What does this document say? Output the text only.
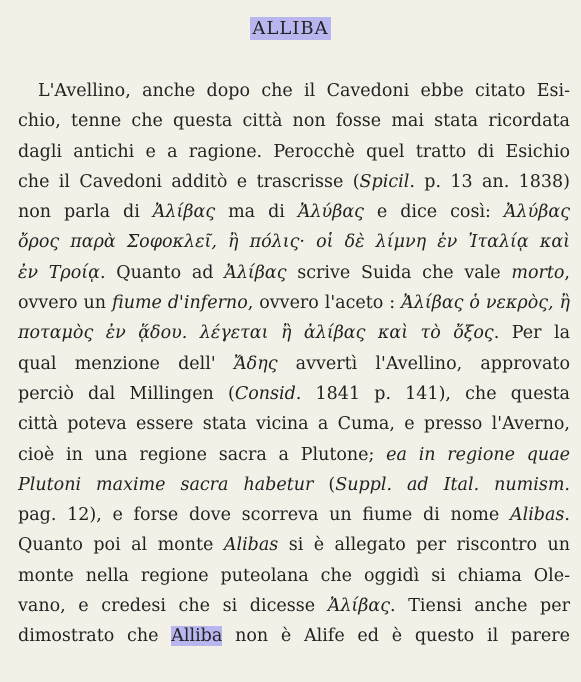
ALLIBA
L'Avellino, anche dopo che il Cavedoni ebbe citato Esi-
chio, tenne che questa città non fosse mai stata ricordata
dagli antichi e a ragione. Perocchè quel tratto di Esichio
che il Cavedoni additò e trascrisse (Spicil. p. 13 an. 1838)
non parla di Ἀλίβας ma di Ἀλύβας e dice così: Ἀλύβας
ὄρος παρὰ Σοφοκλεῖ, ἢ πόλις· οἱ δὲ λίμνη ἐν Ἰταλίᾳ καὶ
ἐν Τροίᾳ. Quanto ad Ἀλίβας scrive Suida che vale morto,
ovvero un fiume d'inferno, ovvero l'aceto : Ἀλίβας ὁ νεκρὸς, ἢ
ποταμὸς ἐν ᾅδου. λέγεται ἢ ἀλίβας καὶ τὸ ὄξος. Per la
qual menzione dell' Ἄδης avvertì l'Avellino, approvato
perciò dal Millingen (Consid. 1841 p. 141), che questa
città poteva essere stata vicina a Cuma, e presso l'Averno,
cioè in una regione sacra a Plutone; ea in regione quae
Plutoni maxime sacra habetur (Suppl. ad Ital. numism.
pag. 12), e forse dove scorreva un fiume di nome Alibas.
Quanto poi al monte Alibas si è allegato per riscontro un
monte nella regione puteolana che oggidì si chiama Ole-
vano, e credesi che si dicesse Ἀλίβας. Tiensi anche per
dimostrato che Alliba non è Alife ed è questo il parere
